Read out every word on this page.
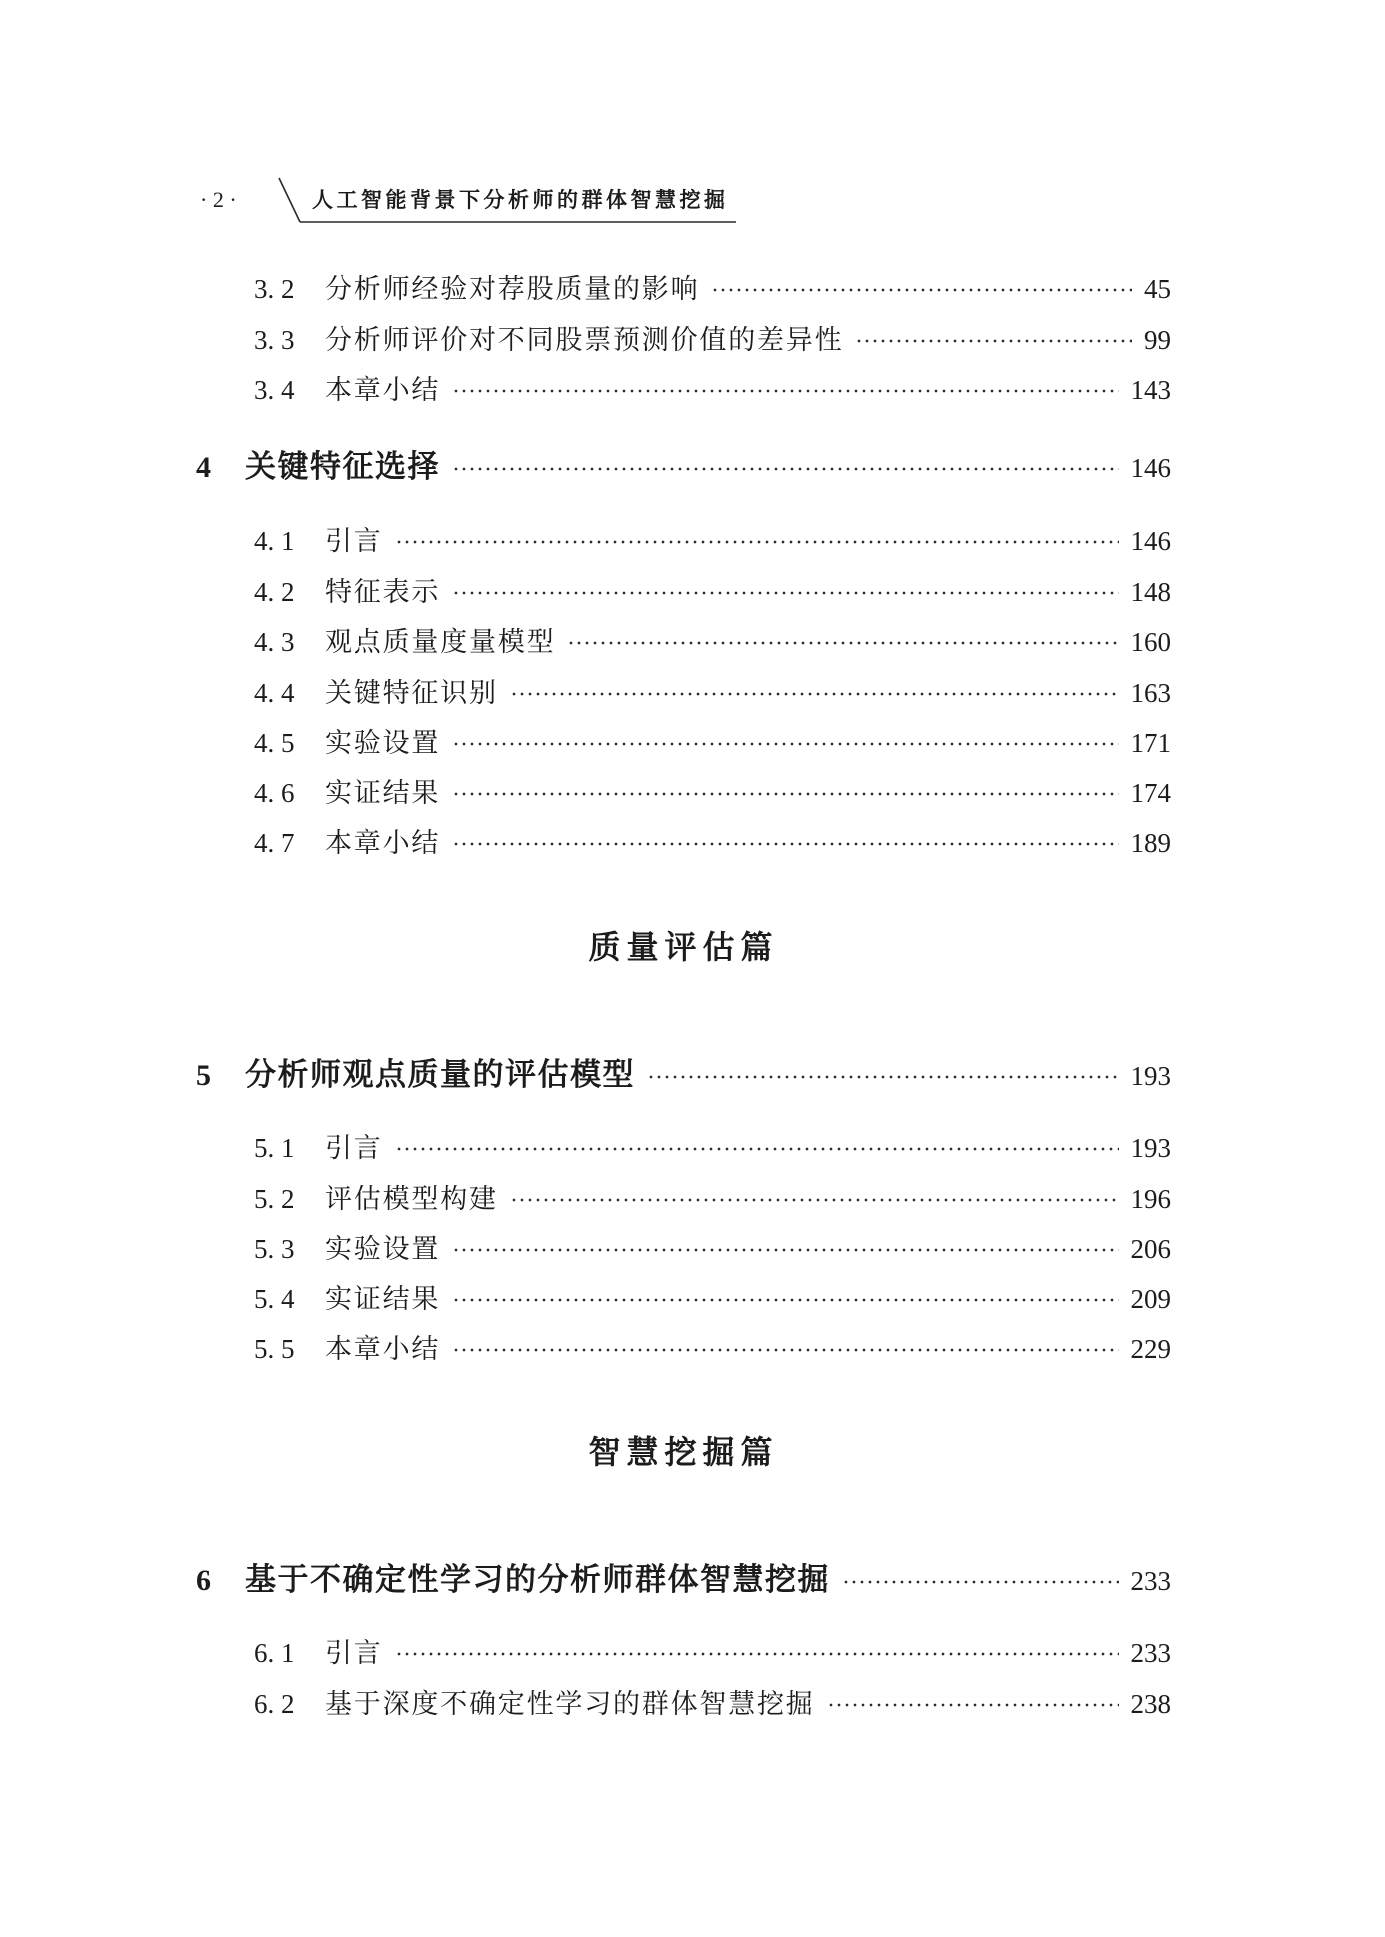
· 2 ·	人工智能背景下分析师的群体智慧挖掘
3. 2	分析师经验对荐股质量的影响	45
3. 3	分析师评价对不同股票预测价值的差异性	99
3. 4	本章小结	143
4	关键特征选择	146
4. 1	引言	146
4. 2	特征表示	148
4. 3	观点质量度量模型	160
4. 4	关键特征识别	163
4. 5	实验设置	171
4. 6	实证结果	174
4. 7	本章小结	189
质量评估篇
5	分析师观点质量的评估模型	193
5. 1	引言	193
5. 2	评估模型构建	196
5. 3	实验设置	206
5. 4	实证结果	209
5. 5	本章小结	229
智慧挖掘篇
6	基于不确定性学习的分析师群体智慧挖掘	233
6. 1	引言	233
6. 2	基于深度不确定性学习的群体智慧挖掘	238
